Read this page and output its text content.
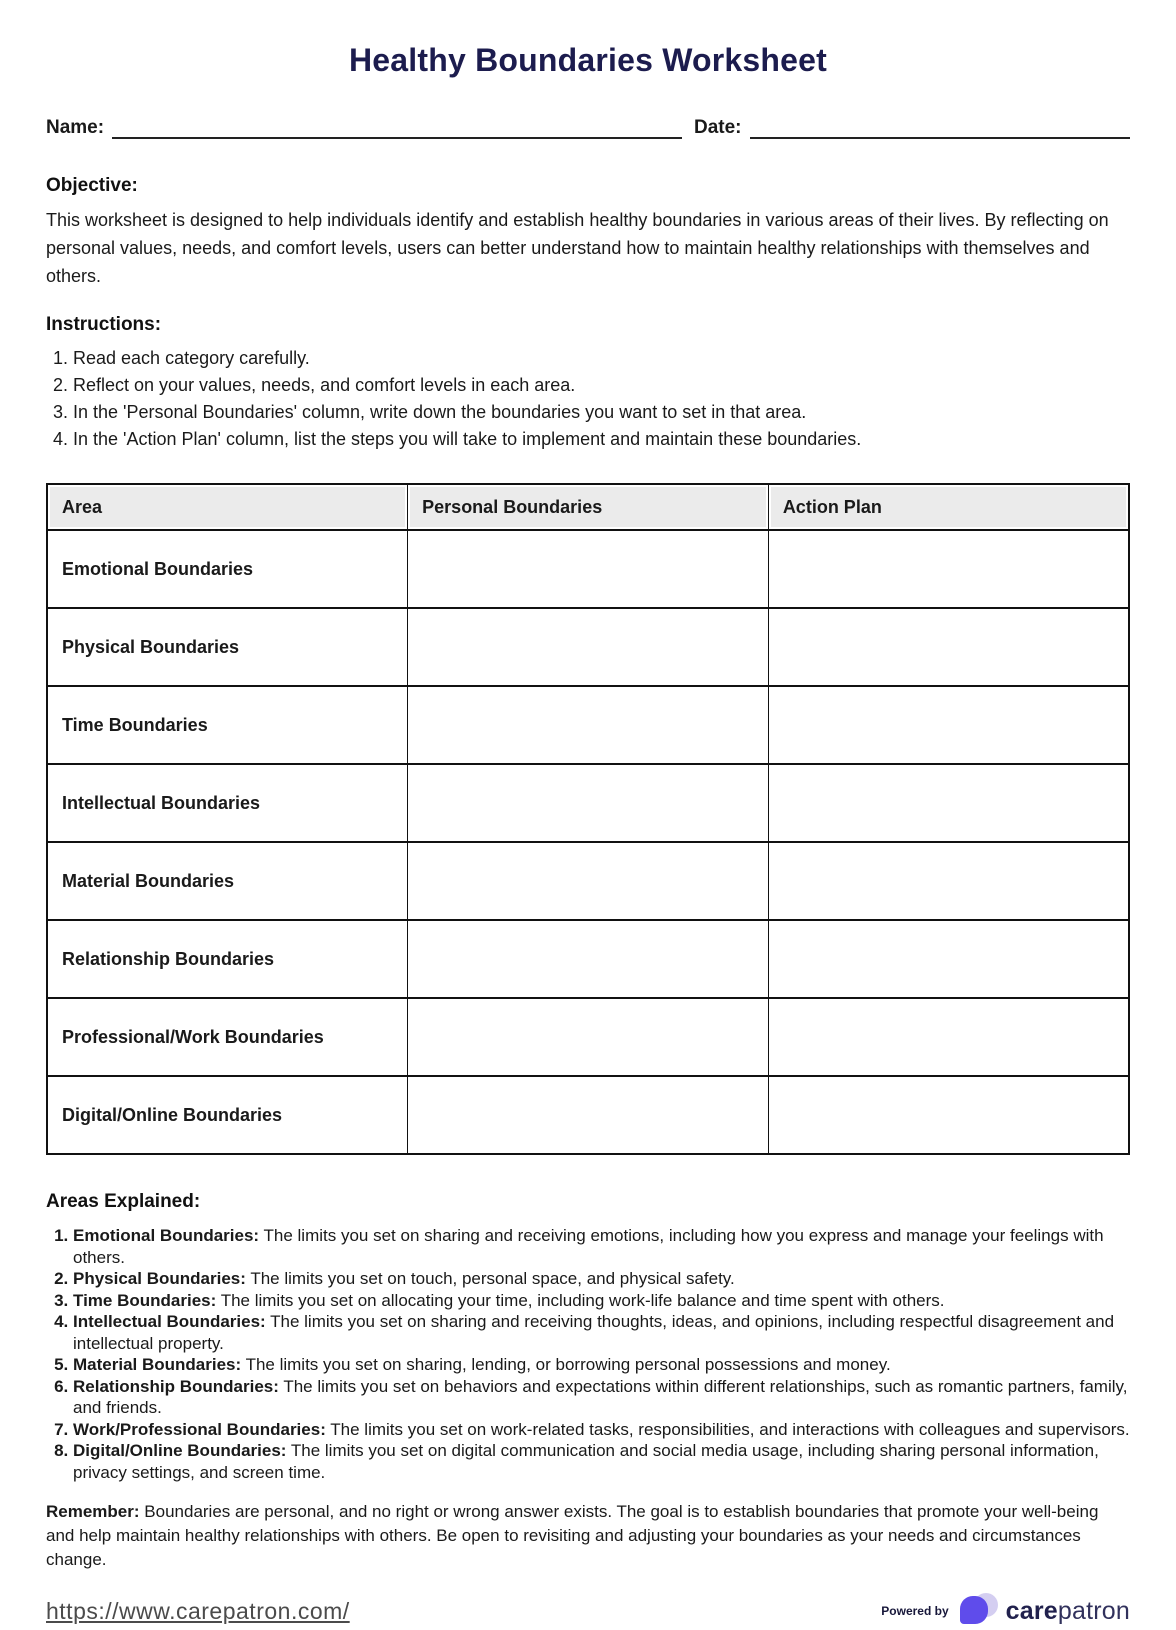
Healthy Boundaries Worksheet
Name:	Date:
Objective:

This worksheet is designed to help individuals identify and establish healthy boundaries in various areas of their lives. By reflecting on personal values, needs, and comfort levels, users can better understand how to maintain healthy relationships with themselves and others.

Instructions:
1. Read each category carefully.
2. Reflect on your values, needs, and comfort levels in each area.
3. In the 'Personal Boundaries' column, write down the boundaries you want to set in that area.
4. In the 'Action Plan' column, list the steps you will take to implement and maintain these boundaries.
Area	Personal Boundaries	Action Plan
Emotional Boundaries		
Physical Boundaries		
Time Boundaries		
Intellectual Boundaries		
Material Boundaries		
Relationship Boundaries		
Professional/Work Boundaries		
Digital/Online Boundaries		
Areas Explained:
1. Emotional Boundaries: The limits you set on sharing and receiving emotions, including how you express and manage your feelings with others.
2. Physical Boundaries: The limits you set on touch, personal space, and physical safety.
3. Time Boundaries: The limits you set on allocating your time, including work-life balance and time spent with others.
4. Intellectual Boundaries: The limits you set on sharing and receiving thoughts, ideas, and opinions, including respectful disagreement and intellectual property.
5. Material Boundaries: The limits you set on sharing, lending, or borrowing personal possessions and money.
6. Relationship Boundaries: The limits you set on behaviors and expectations within different relationships, such as romantic partners, family, and friends.
7. Work/Professional Boundaries: The limits you set on work-related tasks, responsibilities, and interactions with colleagues and supervisors.
8. Digital/Online Boundaries: The limits you set on digital communication and social media usage, including sharing personal information, privacy settings, and screen time.

Remember: Boundaries are personal, and no right or wrong answer exists. The goal is to establish boundaries that promote your well-being and help maintain healthy relationships with others. Be open to revisiting and adjusting your boundaries as your needs and circumstances change.

https://www.carepatron.com/	Powered by carepatron
